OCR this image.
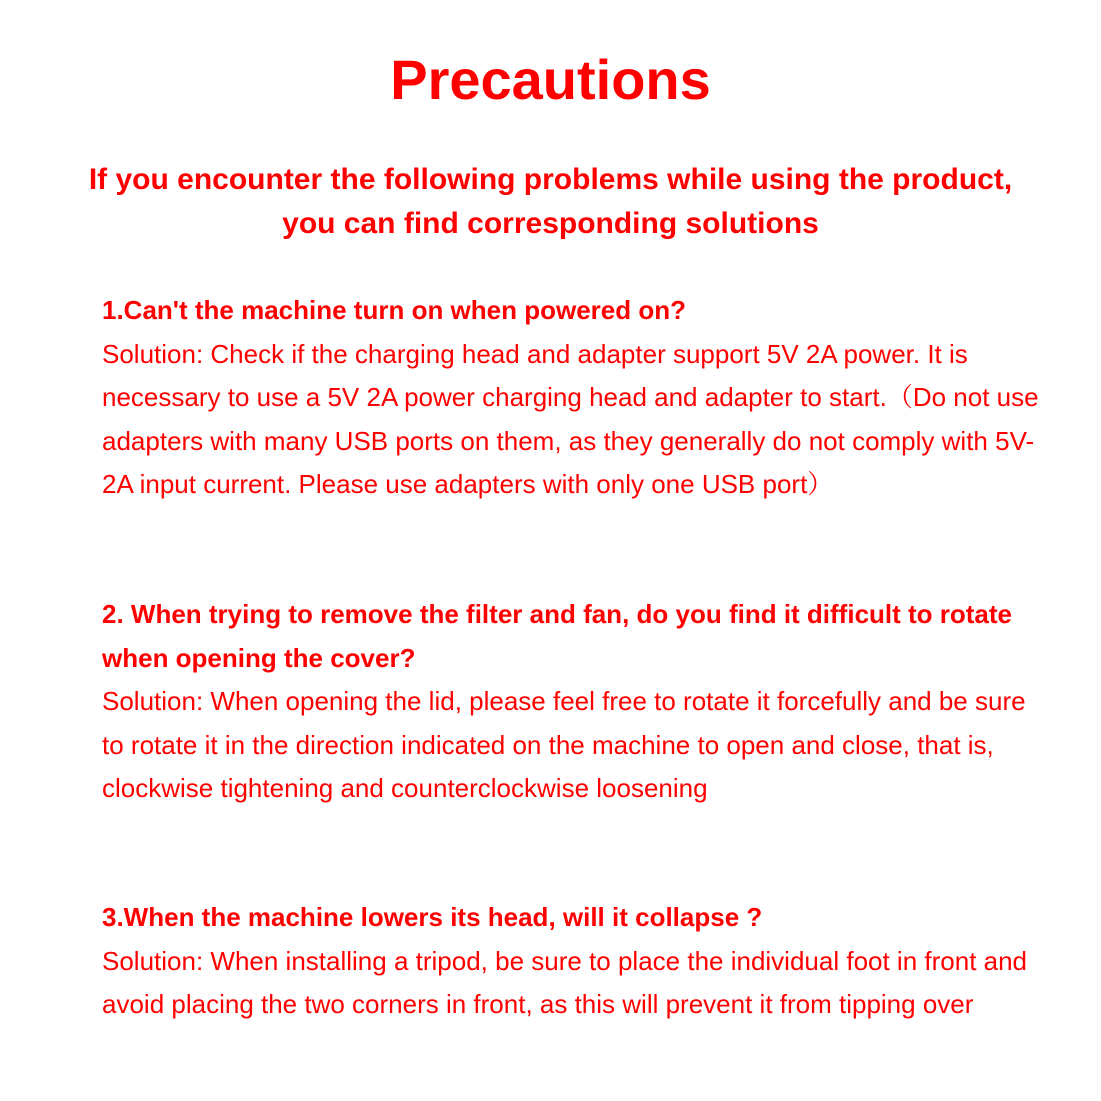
Precautions

If you encounter the following problems while using the product, you can find corresponding solutions

1.Can't the machine turn on when powered on?

Solution: Check if the charging head and adapter support 5V 2A power. It is necessary to use a 5V 2A power charging head and adapter to start.（Do not use adapters with many USB ports on them, as they generally do not comply with 5V-2A input current. Please use adapters with only one USB port）

2. When trying to remove the filter and fan, do you find it difficult to rotate when opening the cover?

Solution: When opening the lid, please feel free to rotate it forcefully and be sure to rotate it in the direction indicated on the machine to open and close, that is, clockwise tightening and counterclockwise loosening

3.When the machine lowers its head, will it collapse ?

Solution: When installing a tripod, be sure to place the individual foot in front and avoid placing the two corners in front, as this will prevent it from tipping over
